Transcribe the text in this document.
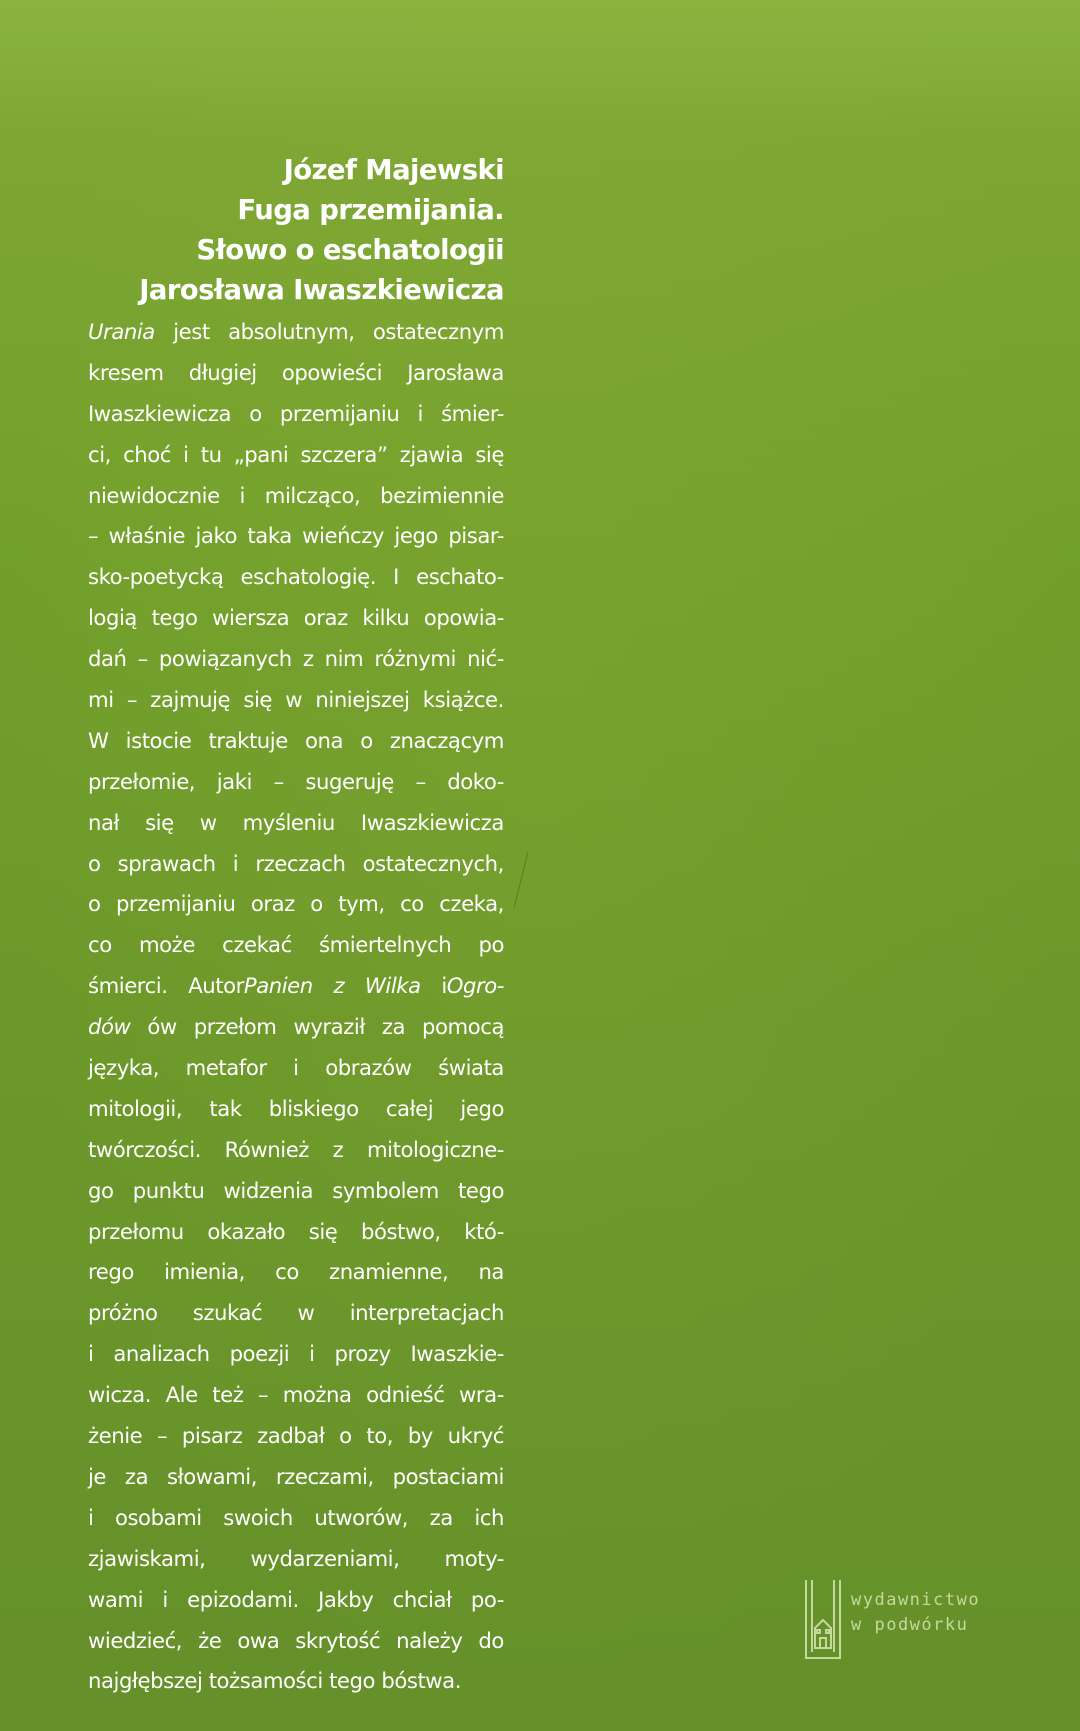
Józef Majewski
Fuga przemijania.
Słowo o eschatologii
Jarosława Iwaszkiewicza
Urania jest absolutnym, ostatecznym
kresem długiej opowieści Jarosława
Iwaszkiewicza o przemijaniu i śmier-
ci, choć i tu „pani szczera” zjawia się
niewidocznie i milcząco, bezimiennie
– właśnie jako taka wieńczy jego pisar-
sko-poetycką eschatologię. I eschato-
logią tego wiersza oraz kilku opowia-
dań – powiązanych z nim różnymi nić-
mi – zajmuję się w niniejszej książce.
W istocie traktuje ona o znaczącym
przełomie, jaki – sugeruję – doko-
nał się w myśleniu Iwaszkiewicza
o sprawach i rzeczach ostatecznych,
o przemijaniu oraz o tym, co czeka,
co może czekać śmiertelnych po
śmierci. AutorPanien z Wilka iOgro-
dów ów przełom wyraził za pomocą
języka, metafor i obrazów świata
mitologii, tak bliskiego całej jego
twórczości. Również z mitologiczne-
go punktu widzenia symbolem tego
przełomu okazało się bóstwo, któ-
rego imienia, co znamienne, na
próżno szukać w interpretacjach
i analizach poezji i prozy Iwaszkie-
wicza. Ale też – można odnieść wra-
żenie – pisarz zadbał o to, by ukryć
je za słowami, rzeczami, postaciami
i osobami swoich utworów, za ich
zjawiskami, wydarzeniami, moty-
wami i epizodami. Jakby chciał po-
wiedzieć, że owa skrytość należy do
najgłębszej
tożsamości
tego
bóstwa.

wydawnictwo
w podwórku
